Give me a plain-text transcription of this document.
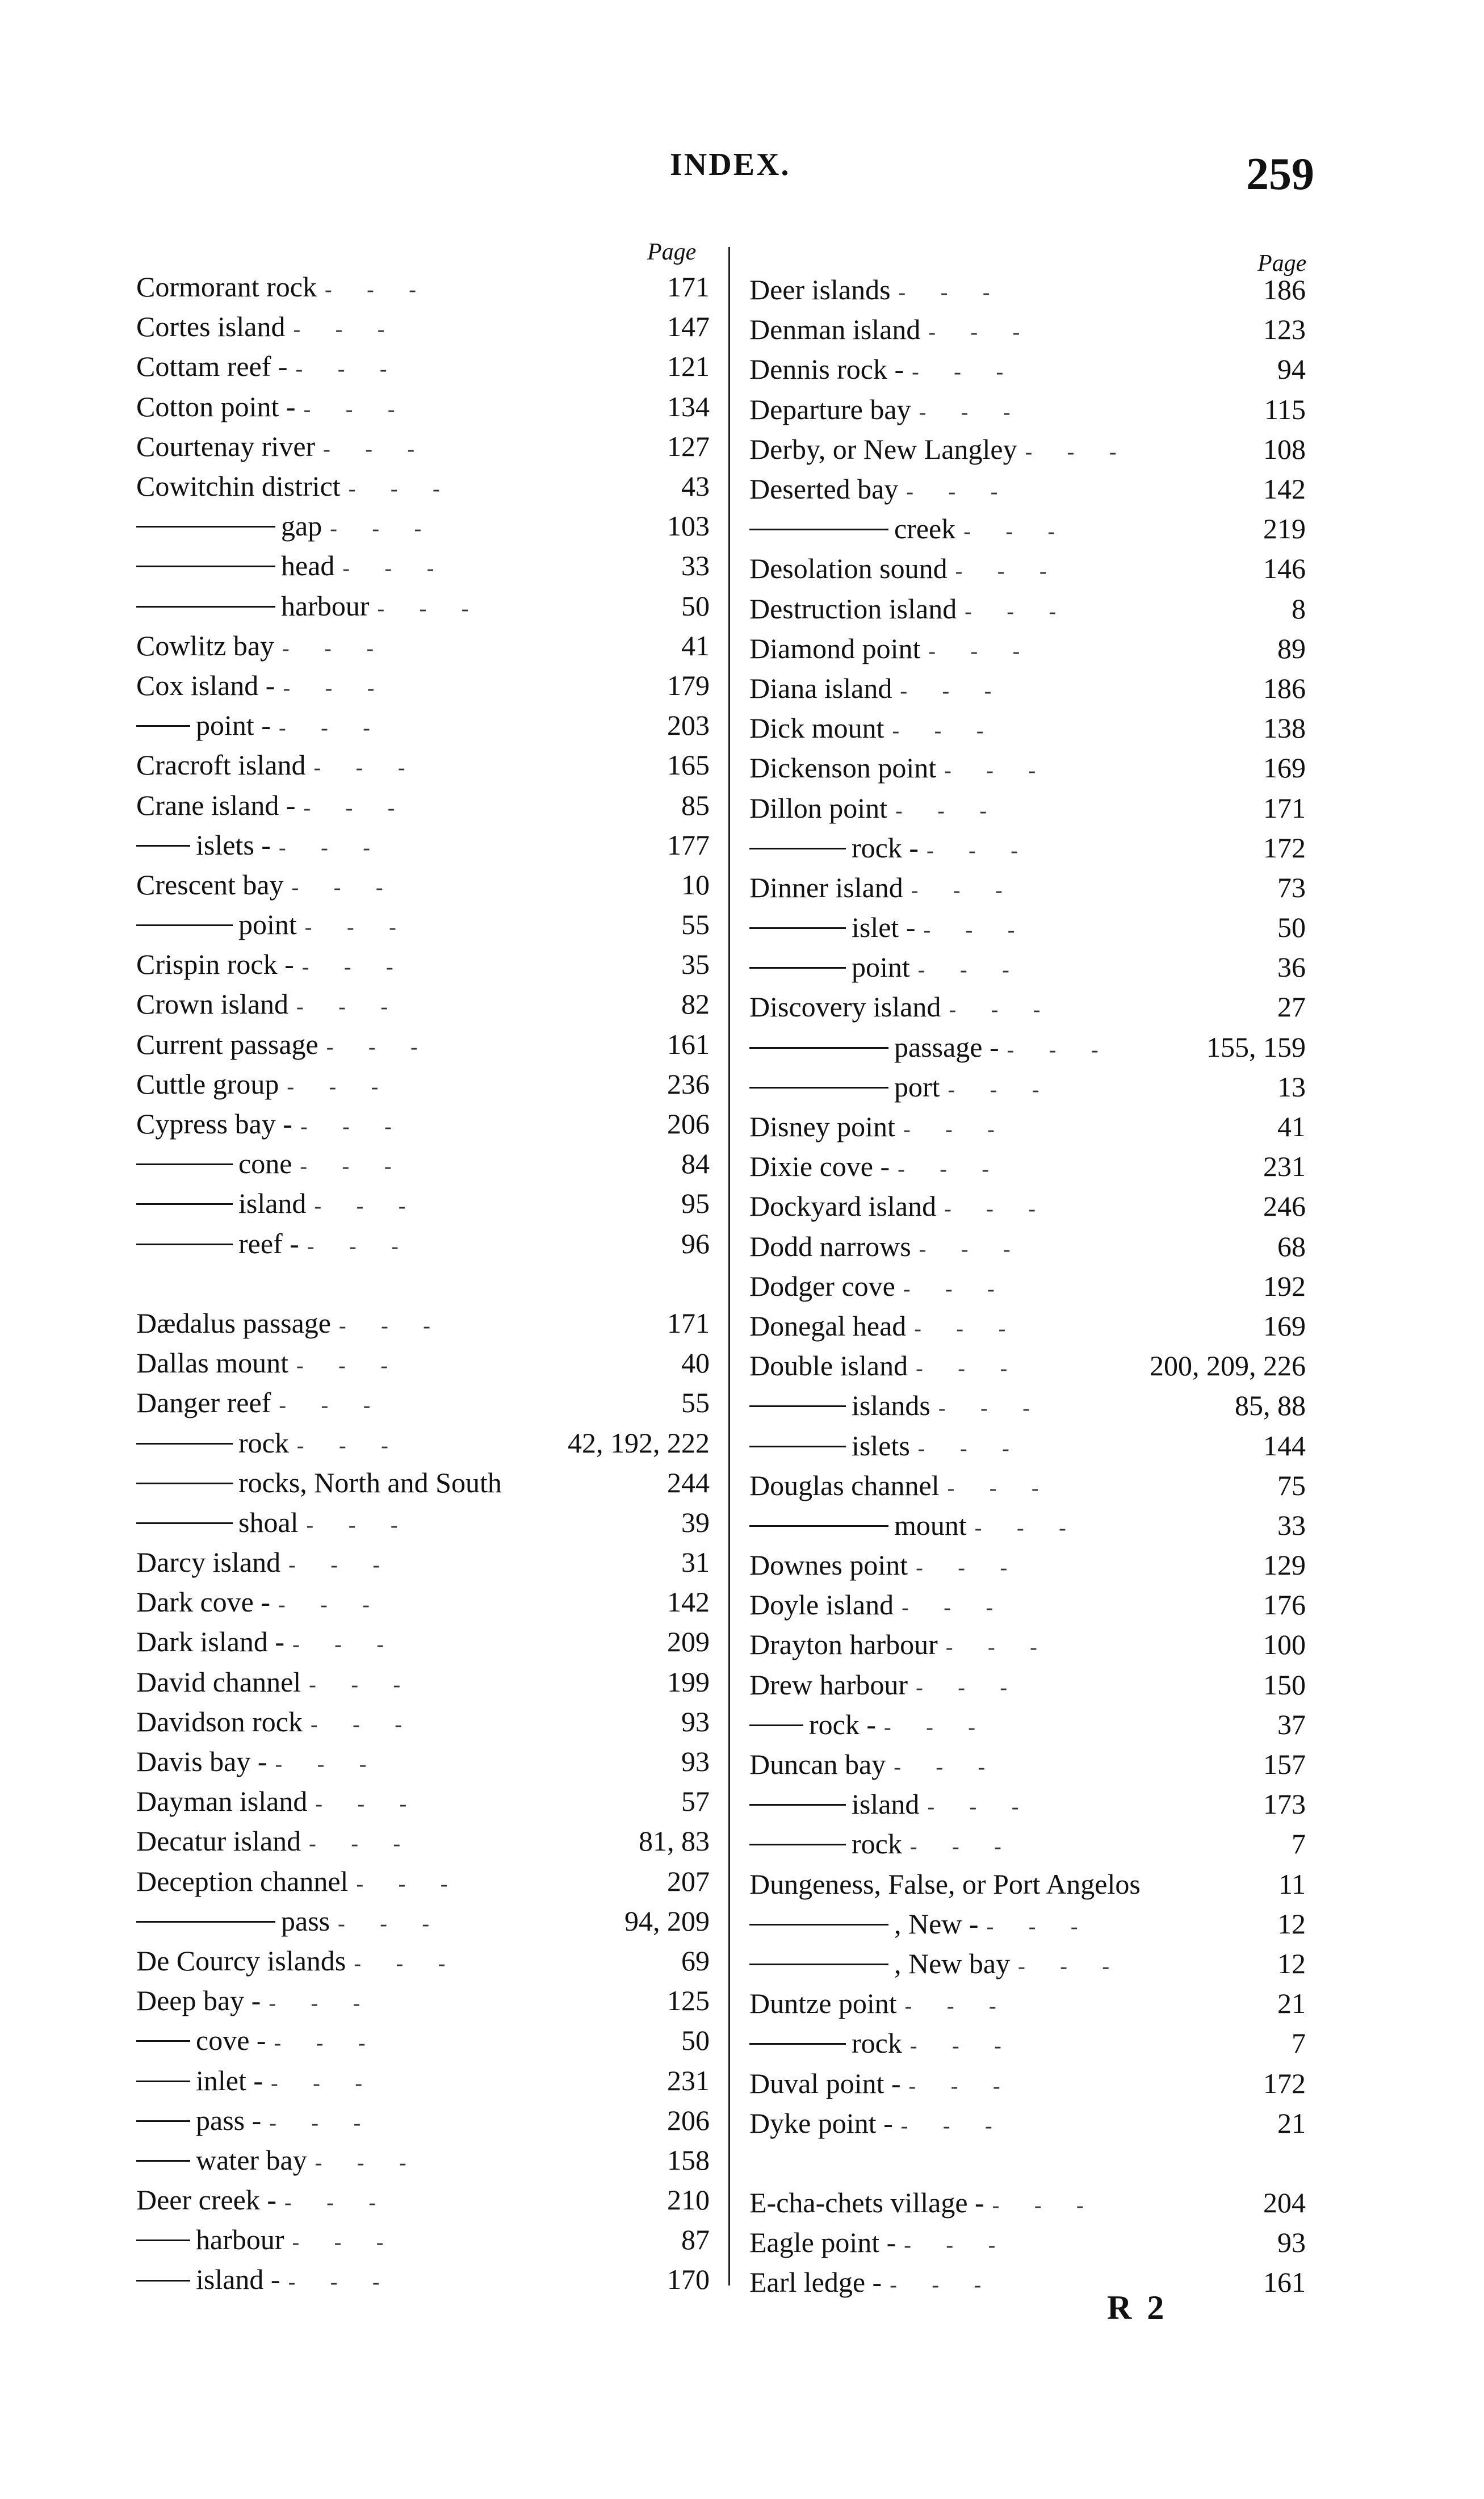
INDEX.	259
Page	Page
Cormorant rock - - -	171
Cortes island - - -	147
Cottam reef - - - -	121
Cotton point - - - -	134
Courtenay river - - -	127
Cowitchin district - - -	43
gap - - -	103
head - - -	33
harbour - - -	50
Cowlitz bay - - -	41
Cox island - - - -	179
point - - - -	203
Cracroft island - - -	165
Crane island - - - -	85
islets - - - -	177
Crescent bay - - -	10
point - - -	55
Crispin rock - - - -	35
Crown island - - -	82
Current passage - - -	161
Cuttle group - - -	236
Cypress bay - - - -	206
cone - - -	84
island - - -	95
reef - - - -	96
Dædalus passage - - -	171
Dallas mount - - -	40
Danger reef - - -	55
rock - - -	42, 192, 222
rocks, North and South	244
shoal - - -	39
Darcy island - - -	31
Dark cove - - - -	142
Dark island - - - -	209
David channel - - -	199
Davidson rock - - -	93
Davis bay - - - -	93
Dayman island - - -	57
Decatur island - - -	81, 83
Deception channel - - -	207
pass - - -	94, 209
De Courcy islands - - -	69
Deep bay - - - -	125
cove - - - -	50
inlet - - - -	231
pass - - - -	206
water bay - - -	158
Deer creek - - - -	210
harbour - - -	87
island - - - -	170
Deer islands - - -	186
Denman island - - -	123
Dennis rock - - - -	94
Departure bay - - -	115
Derby, or New Langley - - -	108
Deserted bay - - -	142
creek - - -	219
Desolation sound - - -	146
Destruction island - - -	8
Diamond point - - -	89
Diana island - - -	186
Dick mount - - -	138
Dickenson point - - -	169
Dillon point - - -	171
rock - - - -	172
Dinner island - - -	73
islet - - - -	50
point - - -	36
Discovery island - - -	27
passage - - - -	155, 159
port - - -	13
Disney point - - -	41
Dixie cove - - - -	231
Dockyard island - - -	246
Dodd narrows - - -	68
Dodger cove - - -	192
Donegal head - - -	169
Double island - - -	200, 209, 226
islands - - -	85, 88
islets - - -	144
Douglas channel - - -	75
mount - - -	33
Downes point - - -	129
Doyle island - - -	176
Drayton harbour - - -	100
Drew harbour - - -	150
rock - - - -	37
Duncan bay - - -	157
island - - -	173
rock - - -	7
Dungeness, False, or Port Angelos	11
, New - - - -	12
, New bay - - -	12
Duntze point - - -	21
rock - - -	7
Duval point - - - -	172
Dyke point - - - -	21
E-cha-chets village - - - -	204
Eagle point - - - -	93
Earl ledge - - - -	161
R 2
